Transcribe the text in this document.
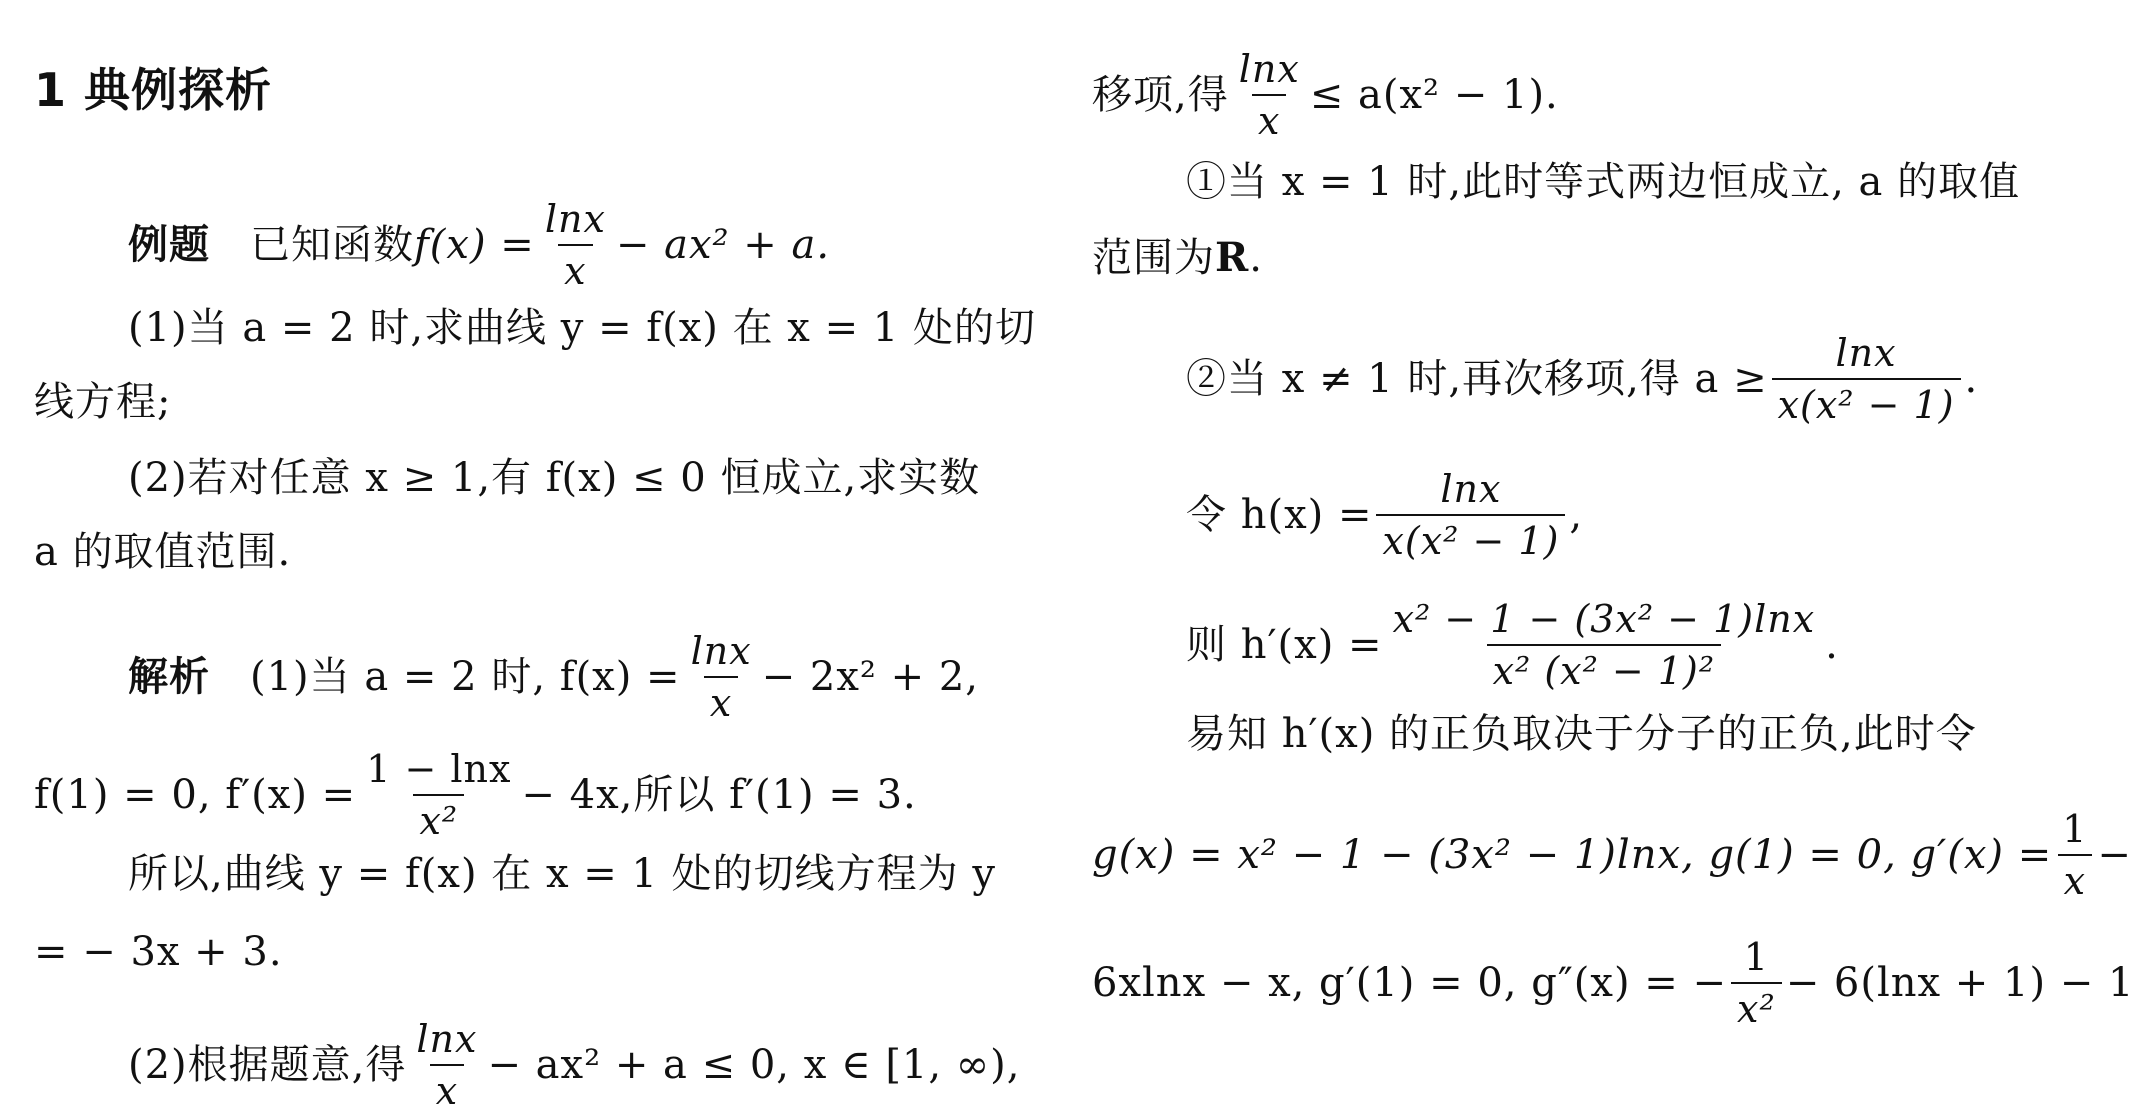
1 典例探析
例题 已知函数 $f(x) = \frac{\ln x}{x} - ax^2 + a$.
(1)当 a = 2 时,求曲线 y = f(x) 在 x = 1 处的切
线方程;
(2)若对任意 x ≥ 1,有 f(x) ≤ 0 恒成立,求实数
a 的取值范围.
解析 (1)当 a = 2 时, $f(x) = \frac{\ln x}{x} - 2x^2 + 2$,
f(1) = 0, $f'(x) = \frac{1 - \ln x}{\text{x²}} - 4x$,所以 f′(1) = 3.
所以,曲线 y = f(x) 在 x = 1 处的切线方程为 y
= − 3x + 3.
(2)根据题意,得 $\frac{\ln x}{x} - ax^2 + a \le 0$, x ∈ [1, ∞),
移项,得 $\frac{\ln x}{x} \le a(x^2 - 1)$.
①当 x = 1 时,此时等式两边恒成立, a 的取值
范围为 R .
②当 x ≠ 1 时,再次移项,得 $a \ge \frac{\ln x}{\text{x(x² − 1)}}$ .
令 $h(x) = \frac{\ln x}{\text{x(x² − 1)}}$ ,
则 $h'(x) = \frac{\text{x² − 1 − (3x² − 1)lnx}}{\text{x² (x² − 1)²}}$ .
易知 h′(x) 的正负取决于分子的正负,此时令
g(x) = x² − 1 − (3x² − 1)lnx, g(1) = 0, $g'(x) = \frac{1}{x}$ −
6xlnx − x, g′(1) = 0, g″(x) = − $\frac{1}{\text{x²}} - 6(\ln x + 1) - 1$
